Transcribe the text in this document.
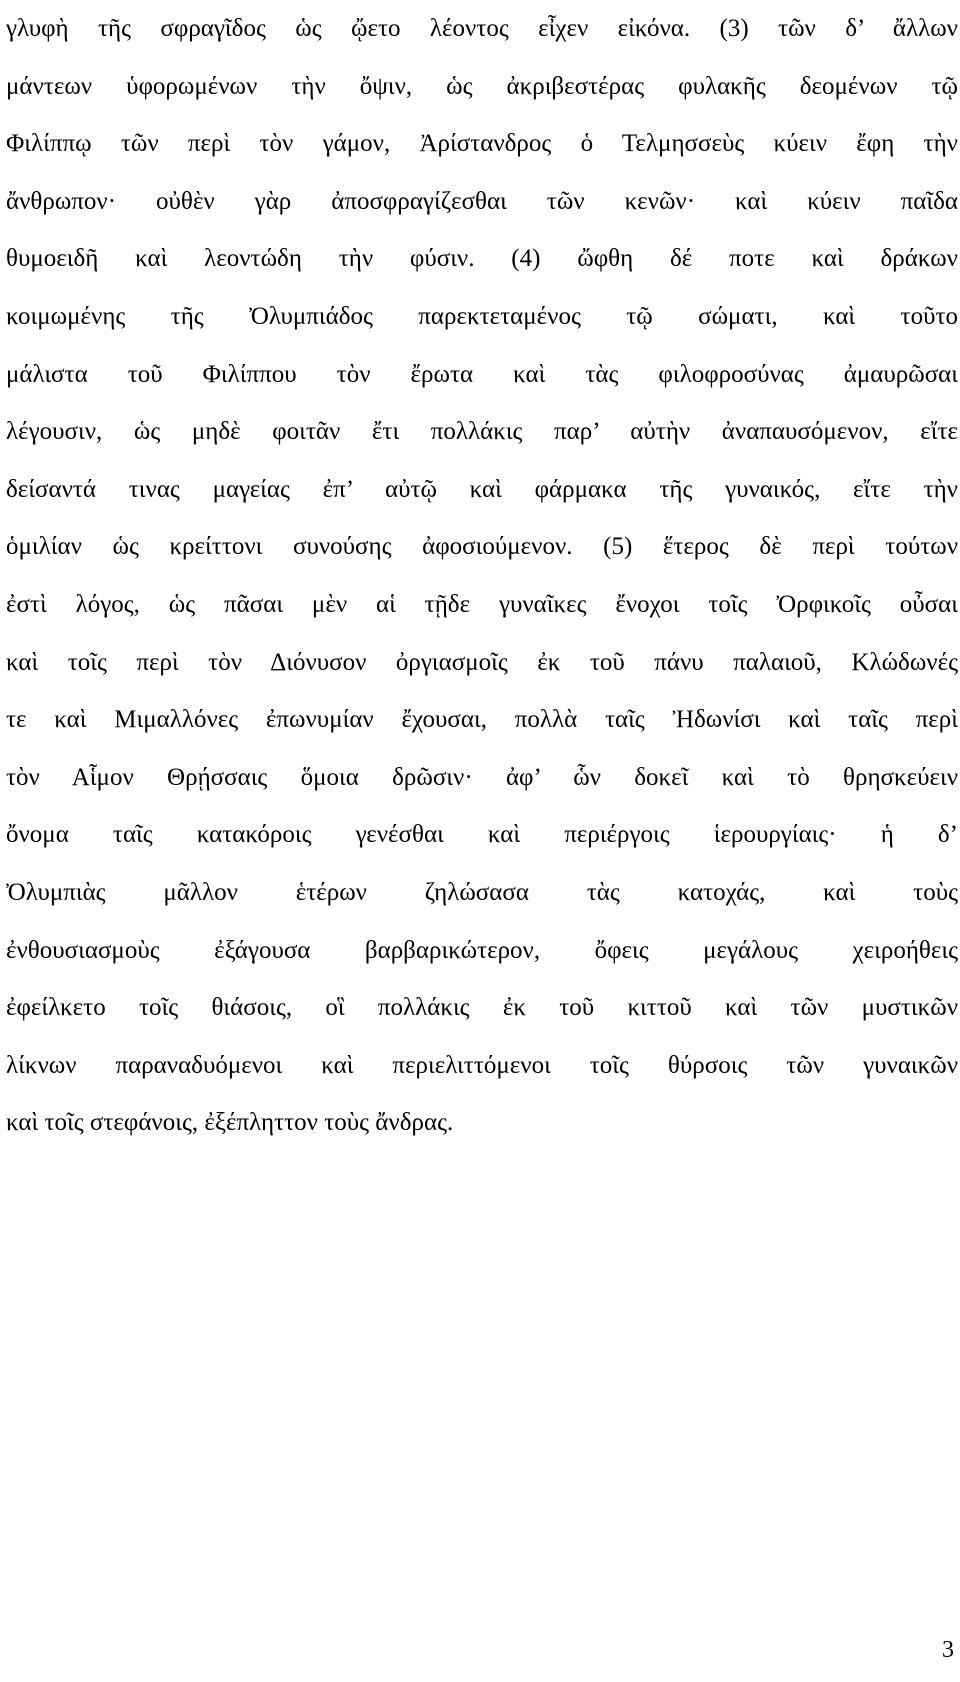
γλυφὴ τῆς σφραγῖδος ὡς ᾤετο λέοντος εἶχεν εἰκόνα. (3) τῶν δ’ ἄλλων
μάντεων ὑφορωμένων τὴν ὄψιν, ὡς ἀκριβεστέρας φυλακῆς δεομένων τῷ
Φιλίππῳ τῶν περὶ τὸν γάμον, Ἀρίστανδρος ὁ Τελμησσεὺς κύειν ἔφη τὴν
ἄνθρωπον· οὐθὲν γὰρ ἀποσφραγίζεσθαι τῶν κενῶν· καὶ κύειν παῖδα
θυμοειδῆ καὶ λεοντώδη τὴν φύσιν. (4) ὤφθη δέ ποτε καὶ δράκων
κοιμωμένης τῆς Ὀλυμπιάδος παρεκτεταμένος τῷ σώματι, καὶ τοῦτο
μάλιστα τοῦ Φιλίππου τὸν ἔρωτα καὶ τὰς φιλοφροσύνας ἀμαυρῶσαι
λέγουσιν, ὡς μηδὲ φοιτᾶν ἔτι πολλάκις παρ’ αὐτὴν ἀναπαυσόμενον, εἴτε
δείσαντά τινας μαγείας ἐπ’ αὐτῷ καὶ φάρμακα τῆς γυναικός, εἴτε τὴν
ὁμιλίαν ὡς κρείττονι συνούσης ἀφοσιούμενον. (5) ἕτερος δὲ περὶ τούτων
ἐστὶ λόγος, ὡς πᾶσαι μὲν αἱ τῇδε γυναῖκες ἔνοχοι τοῖς Ὀρφικοῖς οὖσαι
καὶ τοῖς περὶ τὸν Διόνυσον ὀργιασμοῖς ἐκ τοῦ πάνυ παλαιοῦ, Κλώδωνές
τε καὶ Μιμαλλόνες ἐπωνυμίαν ἔχουσαι, πολλὰ ταῖς Ἠδωνίσι καὶ ταῖς περὶ
τὸν Αἷμον Θρῄσσαις ὅμοια δρῶσιν· ἀφ’ ὧν δοκεῖ καὶ τὸ θρησκεύειν
ὄνομα ταῖς κατακόροις γενέσθαι καὶ περιέργοις ἱερουργίαις· ἡ δ’
Ὀλυμπιὰς μᾶλλον ἑτέρων ζηλώσασα τὰς κατοχάς, καὶ τοὺς
ἐνθουσιασμοὺς ἐξάγουσα βαρβαρικώτερον, ὄφεις μεγάλους χειροήθεις
ἐφείλκετο τοῖς θιάσοις, οἳ πολλάκις ἐκ τοῦ κιττοῦ καὶ τῶν μυστικῶν
λίκνων παραναδυόμενοι καὶ περιελιττόμενοι τοῖς θύρσοις τῶν γυναικῶν
καὶ τοῖς στεφάνοις, ἐξέπληττον τοὺς ἄνδρας.
3
